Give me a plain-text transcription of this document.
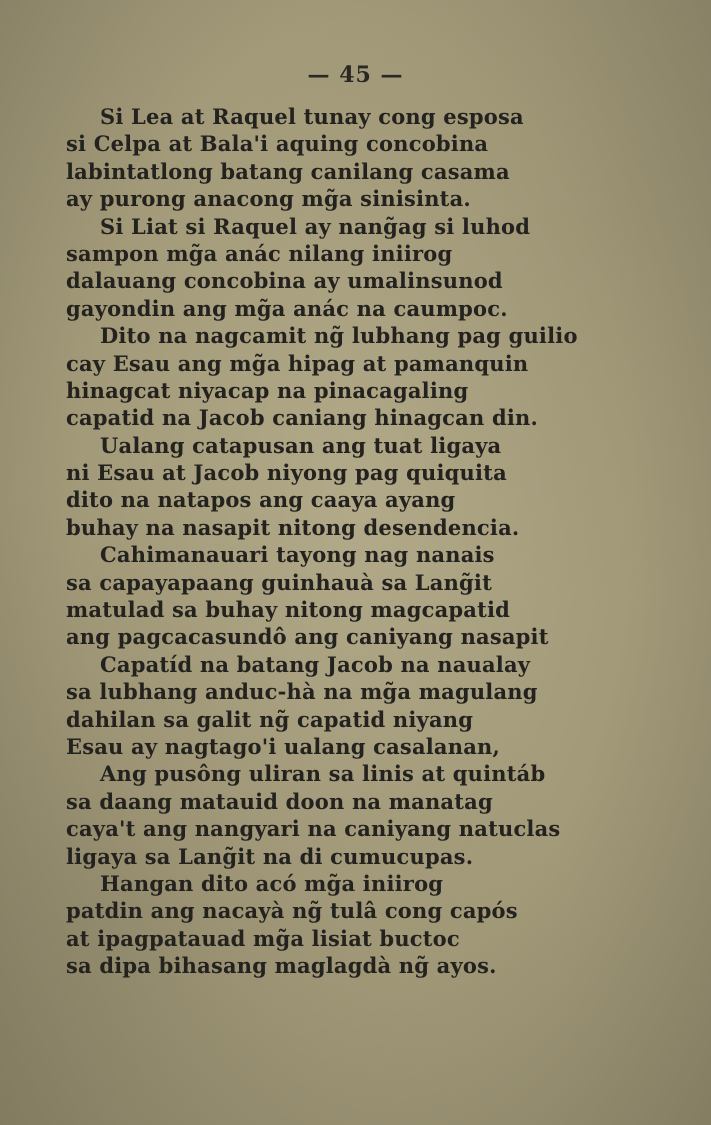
— 45 —
Si Lea at Raquel tunay cong esposa
si Celpa at Bala'i aquing concobina
labintatlong batang canilang casama
ay purong anacong mg̃a sinisinta.
Si Liat si Raquel ay nang̃ag si luhod
sampon mg̃a anác nilang iniirog
dalauang concobina ay umalinsunod
gayondin ang mg̃a anác na caumpoc.
Dito na nagcamit ng̃ lubhang pag guilio
cay Esau ang mg̃a hipag at pamanquin
hinagcat niyacap na pinacagaling
capatid na Jacob caniang hinagcan din.
Ualang catapusan ang tuat ligaya
ni Esau at Jacob niyong pag quiquita
dito na natapos ang caaya ayang
buhay na nasapit nitong desendencia.
Cahimanauari tayong nag nanais
sa capayapaang guinhauà sa Lang̃it
matulad sa buhay nitong magcapatid
ang pagcacasundô ang caniyang nasapit
Capatíd na batang Jacob na naualay
sa lubhang anduc-hà na mg̃a magulang
dahilan sa galit ng̃ capatid niyang
Esau ay nagtago'i ualang casalanan,
Ang pusông uliran sa linis at quintáb
sa daang matauid doon na manatag
caya't ang nangyari na caniyang natuclas
ligaya sa Lang̃it na di cumucupas.
Hangan dito acó mg̃a iniirog
patdin ang nacayà ng̃ tulâ cong capós
at ipagpatauad mg̃a lisiat buctoc
sa dipa bihasang maglagdà ng̃ ayos.
